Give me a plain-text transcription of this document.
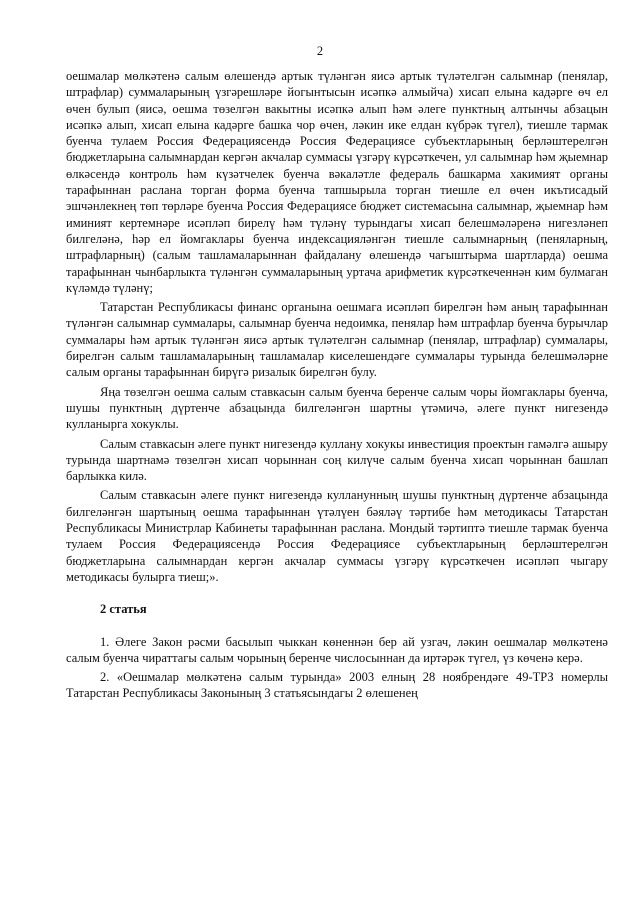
2

оешмалар мөлкәтенә салым өлешендә артык түләнгән яисә артык түләтелгән салымнар (пенялар, штрафлар) суммаларының үзгәрешләре йогынтысын исәпкә алмыйча) хисап елына кадәрге өч ел өчен булып (яисә, оешма төзелгән вакытны исәпкә алып һәм әлеге пунктның алтынчы абзацын исәпкә алып, хисап елына кадәрге башка чор өчен, ләкин ике елдан күбрәк түгел), тиешле тармак буенча тулаем Россия Федерациясендә Россия Федерациясе субъектларының берләштерелгән бюджетларына салымнардан кергән акчалар суммасы үзгәрү күрсәткечен, ул салымнар һәм җыемнар өлкәсендә контроль һәм күзәтчелек буенча вәкаләтле федераль башкарма хакимият органы тарафыннан раслана торган форма буенча тапшырыла торган тиешле ел өчен икътисадый эшчәнлекнең төп төрләре буенча Россия Федерациясе бюджет системасына салымнар, җыемнар һәм иминият кертемнәре исәпләп бирелү һәм түләнү турындагы хисап белешмәләренә нигезләнеп билгеләнә, һәр ел йомгаклары буенча индексацияләнгән тиешле салымнарның (пеняларның, штрафларның) (салым ташламаларыннан файдалану өлешендә чагыштырма шартларда) оешма тарафыннан чынбарлыкта түләнгән суммаларының уртача арифметик күрсәткеченнән ким булмаган күләмдә түләнү;

Татарстан Республикасы финанс органына оешмага исәпләп бирелгән һәм аның тарафыннан түләнгән салымнар суммалары, салымнар буенча недоимка, пенялар һәм штрафлар буенча бурычлар суммалары һәм артык түләнгән яисә артык түләтелгән салымнар (пенялар, штрафлар) суммалары, бирелгән салым ташламаларының ташламалар киселешендәге суммалары турында белешмәләрне салым органы тарафыннан бирүгә ризалык бирелгән булу.

Яңа төзелгән оешма салым ставкасын салым буенча беренче салым чоры йомгаклары буенча, шушы пунктның дүртенче абзацында билгеләнгән шартны үтәмичә, әлеге пункт нигезендә кулланырга хокуклы.

Салым ставкасын әлеге пункт нигезендә куллану хокукы инвестиция проектын гамәлгә ашыру турында шартнамә төзелгән хисап чорыннан соң килүче салым буенча хисап чорыннан башлап барлыкка килә.

Салым ставкасын әлеге пункт нигезендә кулланунның шушы пунктның дүртенче абзацында билгеләнгән шартының оешма тарафыннан үтәлүен бәяләү тәртибе һәм методикасы Татарстан Республикасы Министрлар Кабинеты тарафыннан раслана. Мондый тәртиптә тиешле тармак буенча тулаем Россия Федерациясендә Россия Федерациясе субъектларының берләштерелгән бюджетларына салымнардан кергән акчалар суммасы үзгәрү күрсәткечен исәпләп чыгару методикасы булырга тиеш;».

2 статья

1. Әлеге Закон рәсми басылып чыккан көненнән бер ай узгач, ләкин оешмалар мөлкәтенә салым буенча чираттагы салым чорының беренче числосыннан да иртәрәк түгел, үз көченә керә.

2. «Оешмалар мөлкәтенә салым турында» 2003 елның 28 ноябрендәге 49-ТРЗ номерлы Татарстан Республикасы Законының 3 статьясындагы 2 өлешенең
